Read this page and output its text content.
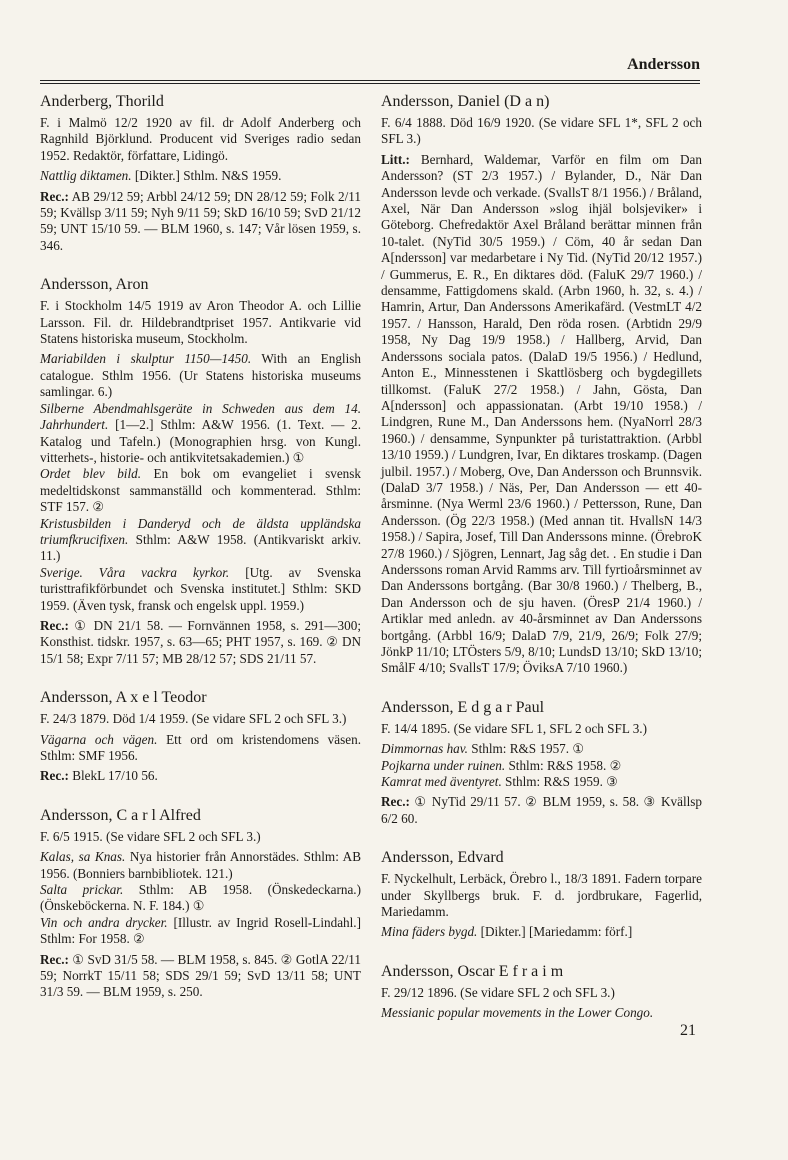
Andersson
Anderberg, Thorild

F. i Malmö 12/2 1920 av fil. dr Adolf Anderberg och Ragnhild Björklund. Producent vid Sveriges radio sedan 1952. Redaktör, författare, Lidingö.

Nattlig diktamen. [Dikter.] Sthlm. N&S 1959.

Rec.: AB 29/12 59; Arbbl 24/12 59; DN 28/12 59; Folk 2/11 59; Kvällsp 3/11 59; Nyh 9/11 59; SkD 16/10 59; SvD 21/12 59; UNT 15/10 59. — BLM 1960, s. 147; Vår lösen 1959, s. 346.

Andersson, Aron

F. i Stockholm 14/5 1919 av Aron Theodor A. och Lillie Larsson. Fil. dr. Hildebrandtpriset 1957. Antikvarie vid Statens historiska museum, Stockholm.

Mariabilden i skulptur 1150—1450. With an English catalogue. Sthlm 1956. (Ur Statens historiska museums samlingar. 6.)
Silberne Abendmahlsgeräte in Schweden aus dem 14. Jahrhundert. [1—2.] Sthlm: A&W 1956. (1. Text. — 2. Katalog und Tafeln.) (Monographien hrsg. von Kungl. vitterhets-, historie- och antikvitetsakademien.) ①
Ordet blev bild. En bok om evangeliet i svensk medeltidskonst sammanställd och kommenterad. Sthlm: STF 157. ②
Kristusbilden i Danderyd och de äldsta uppländska triumfkrucifixen. Sthlm: A&W 1958. (Antikvariskt arkiv. 11.)
Sverige. Våra vackra kyrkor. [Utg. av Svenska turisttrafikförbundet och Svenska institutet.] Sthlm: SKD 1959. (Även tysk, fransk och engelsk uppl. 1959.)

Rec.: ① DN 21/1 58. — Fornvännen 1958, s. 291—300; Konsthist. tidskr. 1957, s. 63—65; PHT 1957, s. 169. ② DN 15/1 58; Expr 7/11 57; MB 28/12 57; SDS 21/11 57.

Andersson, A x e l Teodor

F. 24/3 1879. Död 1/4 1959. (Se vidare SFL 2 och SFL 3.)

Vägarna och vägen. Ett ord om kristendomens väsen. Sthlm: SMF 1956.

Rec.: BlekL 17/10 56.

Andersson, C a r l Alfred

F. 6/5 1915. (Se vidare SFL 2 och SFL 3.)

Kalas, sa Knas. Nya historier från Annorstädes. Sthlm: AB 1956. (Bonniers barnbibliotek. 121.)
Salta prickar. Sthlm: AB 1958. (Önskedeckarna.) (Önskeböckerna. N. F. 184.) ①
Vin och andra drycker. [Illustr. av Ingrid Rosell-Lindahl.] Sthlm: For 1958. ②

Rec.: ① SvD 31/5 58. — BLM 1958, s. 845. ② GotlA 22/11 59; NorrkT 15/11 58; SDS 29/1 59; SvD 13/11 58; UNT 31/3 59. — BLM 1959, s. 250.

Andersson, Daniel (D a n)

F. 6/4 1888. Död 16/9 1920. (Se vidare SFL 1*, SFL 2 och SFL 3.)

Litt.: Bernhard, Waldemar, Varför en film om Dan Andersson? (ST 2/3 1957.) / Bylander, D., När Dan Andersson levde och verkade. (SvallsT 8/1 1956.) / Bråland, Axel, När Dan Andersson »slog ihjäl bolsjeviker» i Göteborg. Chefredaktör Axel Bråland berättar minnen från 10-talet. (NyTid 30/5 1959.) / Cöm, 40 år sedan Dan A[ndersson] var medarbetare i Ny Tid. (NyTid 20/12 1957.) / Gummerus, E. R., En diktares död. (FaluK 29/7 1960.) / densamme, Fattigdomens skald. (Arbn 1960, h. 32, s. 4.) / Hamrin, Artur, Dan Anderssons Amerikafärd. (VestmLT 4/2 1957. / Hansson, Harald, Den röda rosen. (Arbtidn 29/9 1958, Ny Dag 19/9 1958.) / Hallberg, Arvid, Dan Anderssons sociala patos. (DalaD 19/5 1956.) / Hedlund, Anton E., Minnesstenen i Skattlösberg och bygdegillets tillkomst. (FaluK 27/2 1958.) / Jahn, Gösta, Dan A[ndersson] och appassionatan. (Arbt 19/10 1958.) / Lindgren, Rune M., Dan Anderssons hem. (NyaNorrl 28/3 1960.) / densamme, Synpunkter på turistattraktion. (Arbbl 13/10 1959.) / Lundgren, Ivar, En diktares troskamp. (Dagen julbil. 1957.) / Moberg, Ove, Dan Andersson och Brunnsvik. (DalaD 3/7 1958.) / Näs, Per, Dan Andersson — ett 40-årsminne. (Nya Werml 23/6 1960.) / Pettersson, Rune, Dan Andersson. (Ög 22/3 1958.) (Med annan tit. HvallsN 14/3 1958.) / Sapira, Josef, Till Dan Anderssons minne. (ÖrebroK 27/8 1960.) / Sjögren, Lennart, Jag såg det. . En studie i Dan Anderssons roman Arvid Ramms arv. Till fyrtioårsminnet av Dan Anderssons bortgång. (Bar 30/8 1960.) / Thelberg, B., Dan Andersson och de sju haven. (ÖresP 21/4 1960.) / Artiklar med anledn. av 40-årsminnet av Dan Anderssons bortgång. (Arbbl 16/9; DalaD 7/9, 21/9, 26/9; Folk 27/9; JönkP 11/10; LTÖsters 5/9, 8/10; LundsD 13/10; SkD 13/10; SmålF 4/10; SvallsT 17/9; ÖviksA 7/10 1960.)

Andersson, E d g a r Paul

F. 14/4 1895. (Se vidare SFL 1, SFL 2 och SFL 3.)

Dimmornas hav. Sthlm: R&S 1957. ①
Pojkarna under ruinen. Sthlm: R&S 1958. ②
Kamrat med äventyret. Sthlm: R&S 1959. ③

Rec.: ① NyTid 29/11 57. ② BLM 1959, s. 58. ③ Kvällsp 6/2 60.

Andersson, Edvard

F. Nyckelhult, Lerbäck, Örebro l., 18/3 1891. Fadern torpare under Skyllbergs bruk. F. d. jordbrukare, Fagerlid, Mariedamm.

Mina fäders bygd. [Dikter.] [Mariedamm: förf.]

Andersson, Oscar E f r a i m

F. 29/12 1896. (Se vidare SFL 2 och SFL 3.)

Messianic popular movements in the Lower Congo.

21
